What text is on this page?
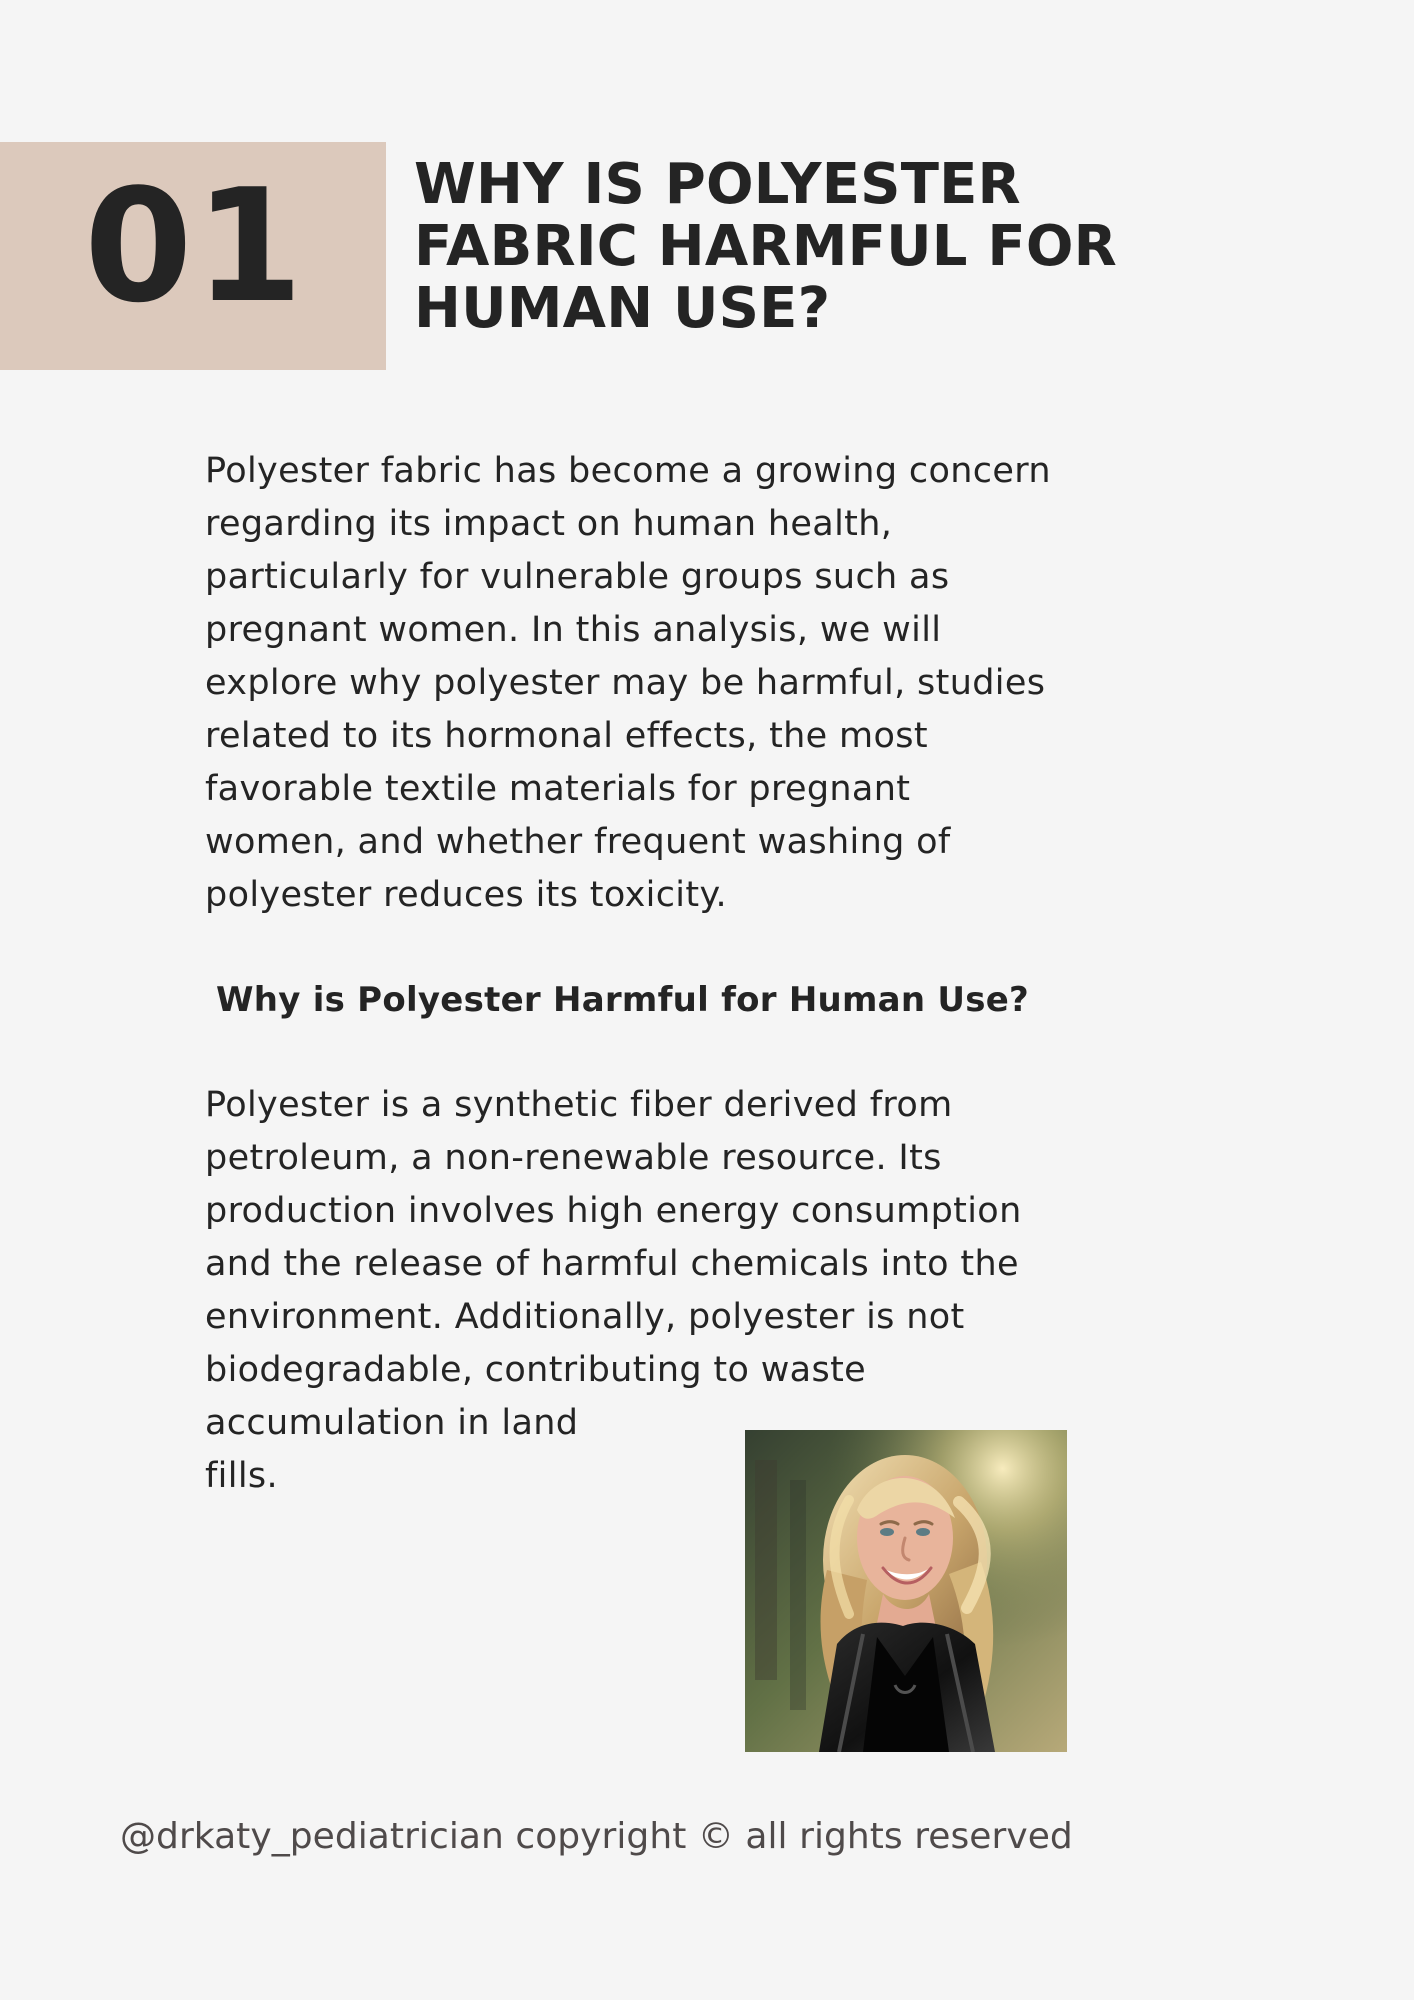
01 WHY IS POLYESTER
FABRIC HARMFUL FOR
HUMAN USE?

Polyester fabric has become a growing concern
regarding its impact on human health,
particularly for vulnerable groups such as
pregnant women. In this analysis, we will
explore why polyester may be harmful, studies
related to its hormonal effects, the most
favorable textile materials for pregnant
women, and whether frequent washing of
polyester reduces its toxicity.

Why is Polyester Harmful for Human Use?

Polyester is a synthetic fiber derived from
petroleum, a non-renewable resource. Its
production involves high energy consumption
and the release of harmful chemicals into the
environment. Additionally, polyester is not
biodegradable, contributing to waste
accumulation in land
fills.

@drkaty_pediatrician copyright © all rights reserved
